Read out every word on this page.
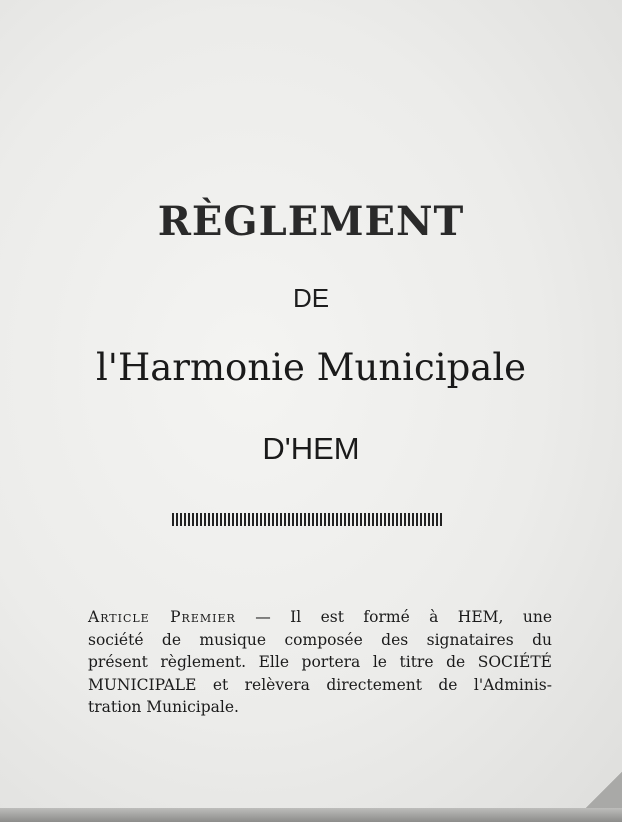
RÈGLEMENT
DE
l'Harmonie Municipale
D'HEM
Article Premier — Il est formé à HEM, une
société de musique composée des signataires du
présent règlement. Elle portera le titre de SOCIÉTÉ
MUNICIPALE et relèvera directement de l'Adminis-
tration Municipale.
